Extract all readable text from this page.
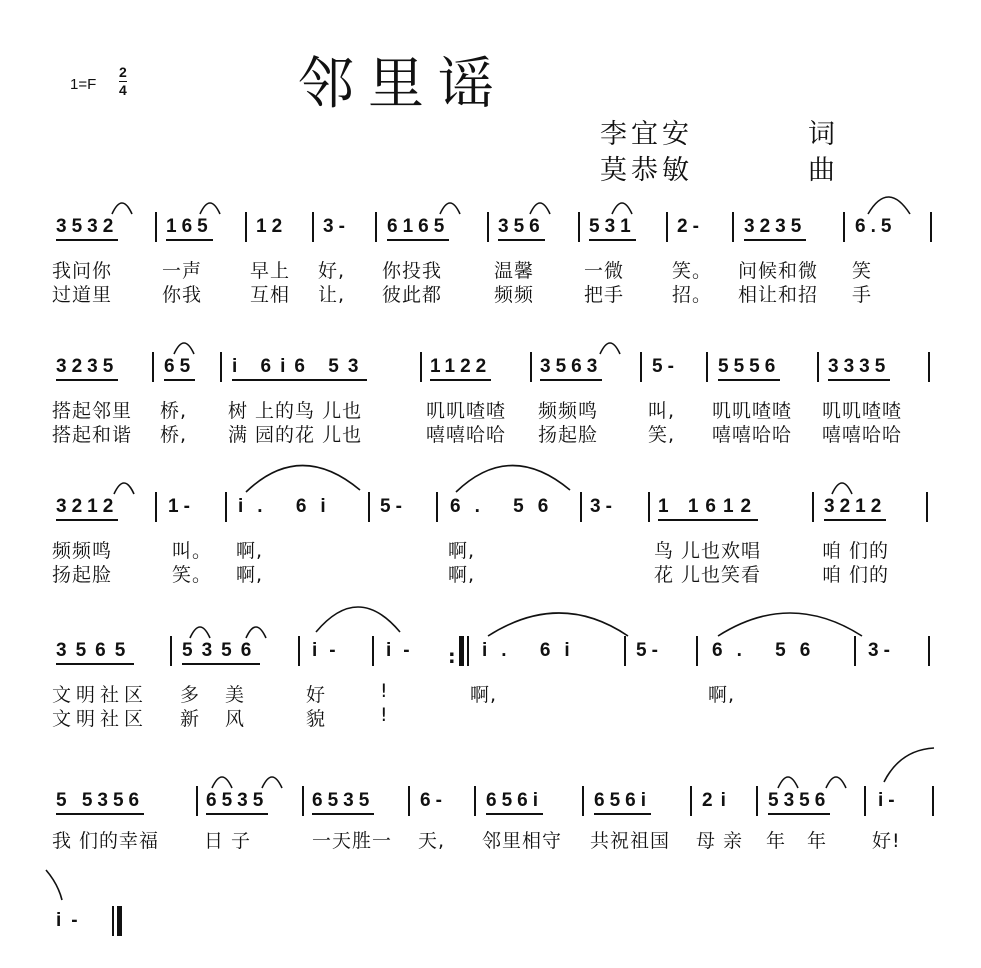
1=F
2
4	邻里谣
李宜安	词
莫恭敏	曲
3532	165 12 3- 6165	356 531 2- 3235	6.5
我问你	一声	早上 好, 你投我	温馨	一微	笑。 问候和微 笑
过道里	你我	互相 让, 彼此都	频频	把手	招。 相让和招 手
3235 65 i 6i6 53	1122	3563	5- 5556	3335
搭起邻里 桥, 树 上的鸟 儿也	叽叽喳喳 频频鸣	叫, 叽叽喳喳 叽叽喳喳
搭起和谐 桥, 满 园的花 儿也	嘻嘻哈哈 扬起脸	笑, 嘻嘻哈哈 嘻嘻哈哈
3212	1- i. 6i 5- 6. 56 3- 1 1612	3212
频频鸣	叫。 啊,	啊,	鸟 儿也欢唱	咱 们的
扬起脸	笑。 啊,	啊,	花 儿也笑看	咱 们的
3565	5356	i- i- : i. 6i	5-	6. 56 3-
文明社区 多 美	好	!	啊,	啊,
文明社区 新 风	貌	!
5 5356	6535 6535 6- 656i	656i	2i 5356	i-
我 们的幸福 日 子	一天胜一 天, 邻里相守 共祝祖国 母亲 年 年 好!
i-
